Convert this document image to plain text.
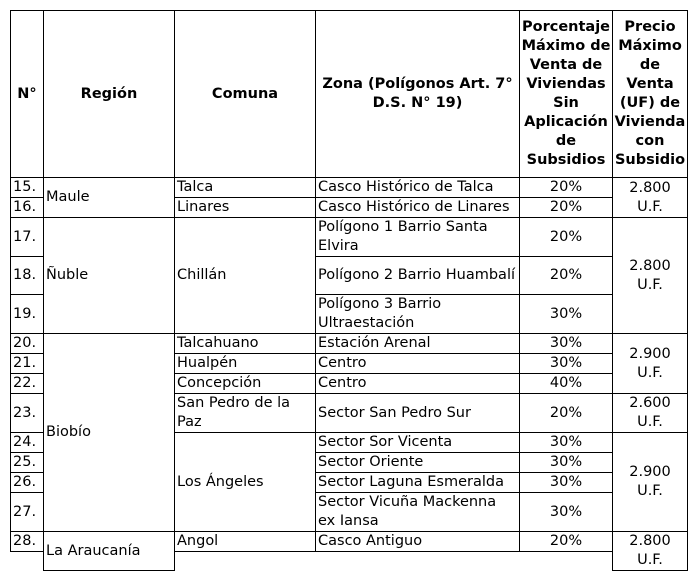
N°	Región	Comuna	Zona (Polígonos Art. 7° D.S. N° 19)	Porcentaje Máximo de Venta de Viviendas Sin Aplicación de Subsidios	Precio Máximo de Venta (UF) de Vivienda con Subsidio
15.	Maule	Talca	Casco Histórico de Talca	20%	2.800 U.F.
16.		Linares	Casco Histórico de Linares	20%	
17.	Ñuble	Chillán	Polígono 1 Barrio Santa Elvira	20%	2.800 U.F.
18.			Polígono 2 Barrio Huambalí	20%	
19.			Polígono 3 Barrio Ultraestación	30%	
20.	Biobío	Talcahuano	Estación Arenal	30%	2.900 U.F.
21.		Hualpén	Centro	30%	
22.		Concepción	Centro	40%	
23.		San Pedro de la Paz	Sector San Pedro Sur	20%	2.600 U.F.
24.		Los Ángeles	Sector Sor Vicenta	30%	2.900 U.F.
25.			Sector Oriente	30%	
26.			Sector Laguna Esmeralda	30%	
27.			Sector Vicuña Mackenna ex Iansa	30%	
28.	La Araucanía	Angol	Casco Antiguo	20%	2.800 U.F.
